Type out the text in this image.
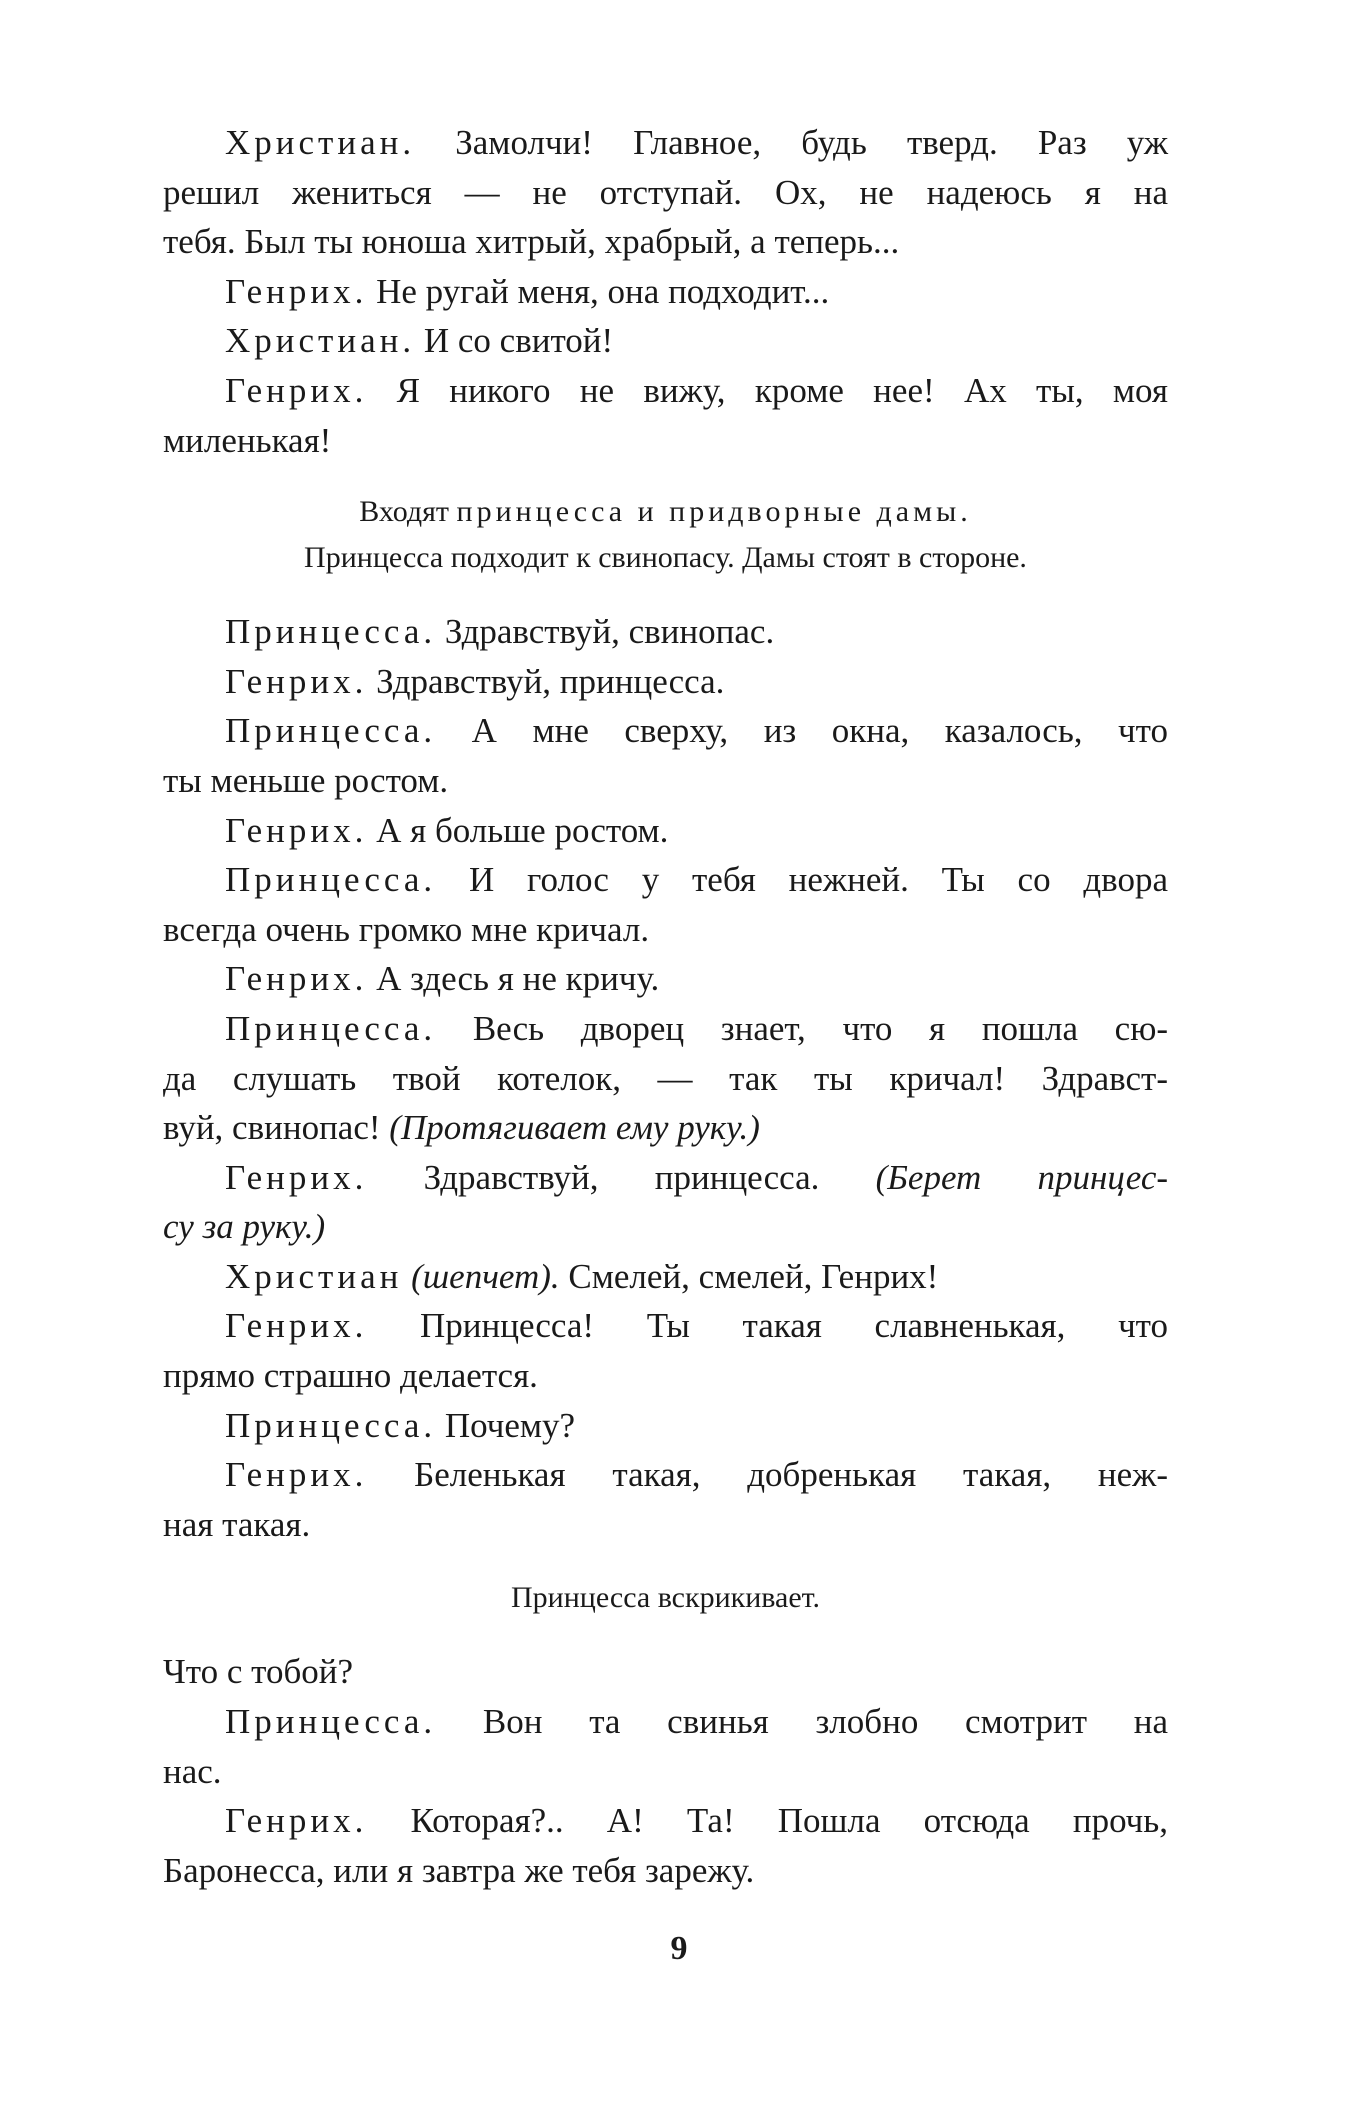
Христиан. Замолчи! Главное, будь тверд. Раз уж
решил жениться — не отступай. Ох, не надеюсь я на
тебя. Был ты юноша хитрый, храбрый, а теперь...
Генрих. Не ругай меня, она подходит...
Христиан. И со свитой!
Генрих. Я никого не вижу, кроме нее! Ах ты, моя
миленькая!
Входят принцесса и придворные дамы.
Принцесса подходит к свинопасу. Дамы стоят в стороне.
Принцесса. Здравствуй, свинопас.
Генрих. Здравствуй, принцесса.
Принцесса. А мне сверху, из окна, казалось, что
ты меньше ростом.
Генрих. А я больше ростом.
Принцесса. И голос у тебя нежней. Ты со двора
всегда очень громко мне кричал.
Генрих. А здесь я не кричу.
Принцесса. Весь дворец знает, что я пошла сю-
да слушать твой котелок, — так ты кричал! Здравст-
вуй, свинопас! (Протягивает ему руку.)
Генрих. Здравствуй, принцесса. (Берет принцес-
су за руку.)
Христиан (шепчет). Смелей, смелей, Генрих!
Генрих. Принцесса! Ты такая славненькая, что
прямо страшно делается.
Принцесса. Почему?
Генрих. Беленькая такая, добренькая такая, неж-
ная такая.
Принцесса вскрикивает.
Что с тобой?
Принцесса. Вон та свинья злобно смотрит на
нас.
Генрих. Которая?.. А! Та! Пошла отсюда прочь,
Баронесса, или я завтра же тебя зарежу.
9
